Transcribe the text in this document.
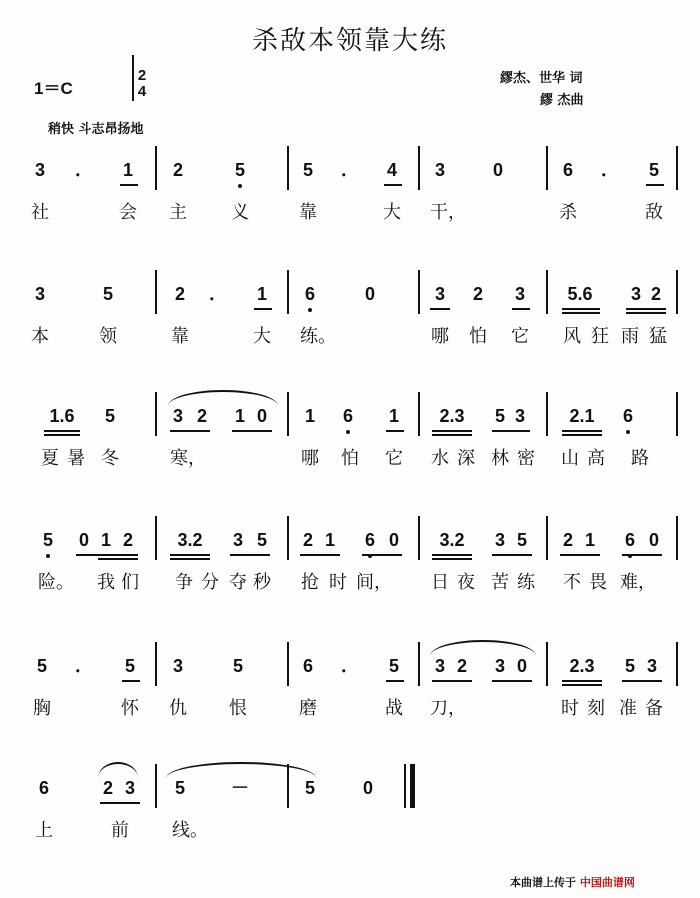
杀敌本领靠大练
1＝C
2
4
繆杰、世华 词
繆 杰曲
稍快 斗志昂扬地
3 ． 1 2	5	5 ． 4 3	0	6 ． 5
社	会 主 义	靠	大 干，	杀	敌
3	5	2 ． 1 6	0	3 2 3 5.6 3 2
本	领	靠	大 练。	哪 怕 它 风 狂 雨 猛
1.6 5	3 2 1 0 1 6 1 2.3 5 3 2.1 6
夏 暑 冬	寒，	哪 怕 它 水 深 林 密 山 高 路
5 0 1 2 3.2 3 5 2 1 6 0 3.2 3 5 2 1 6 0
险。 我 们 争 分 夺 秒 抢 时 间， 日 夜 苦 练 不 畏 难，
5 ． 5 3	5	6 ． 5 3 2 3 0 2.3 5 3
胸	怀 仇 恨	磨	战 刀，	时 刻 准 备
6	2 3 5	－	5	0
上	前 线。
本曲谱上传于 中国曲谱网
